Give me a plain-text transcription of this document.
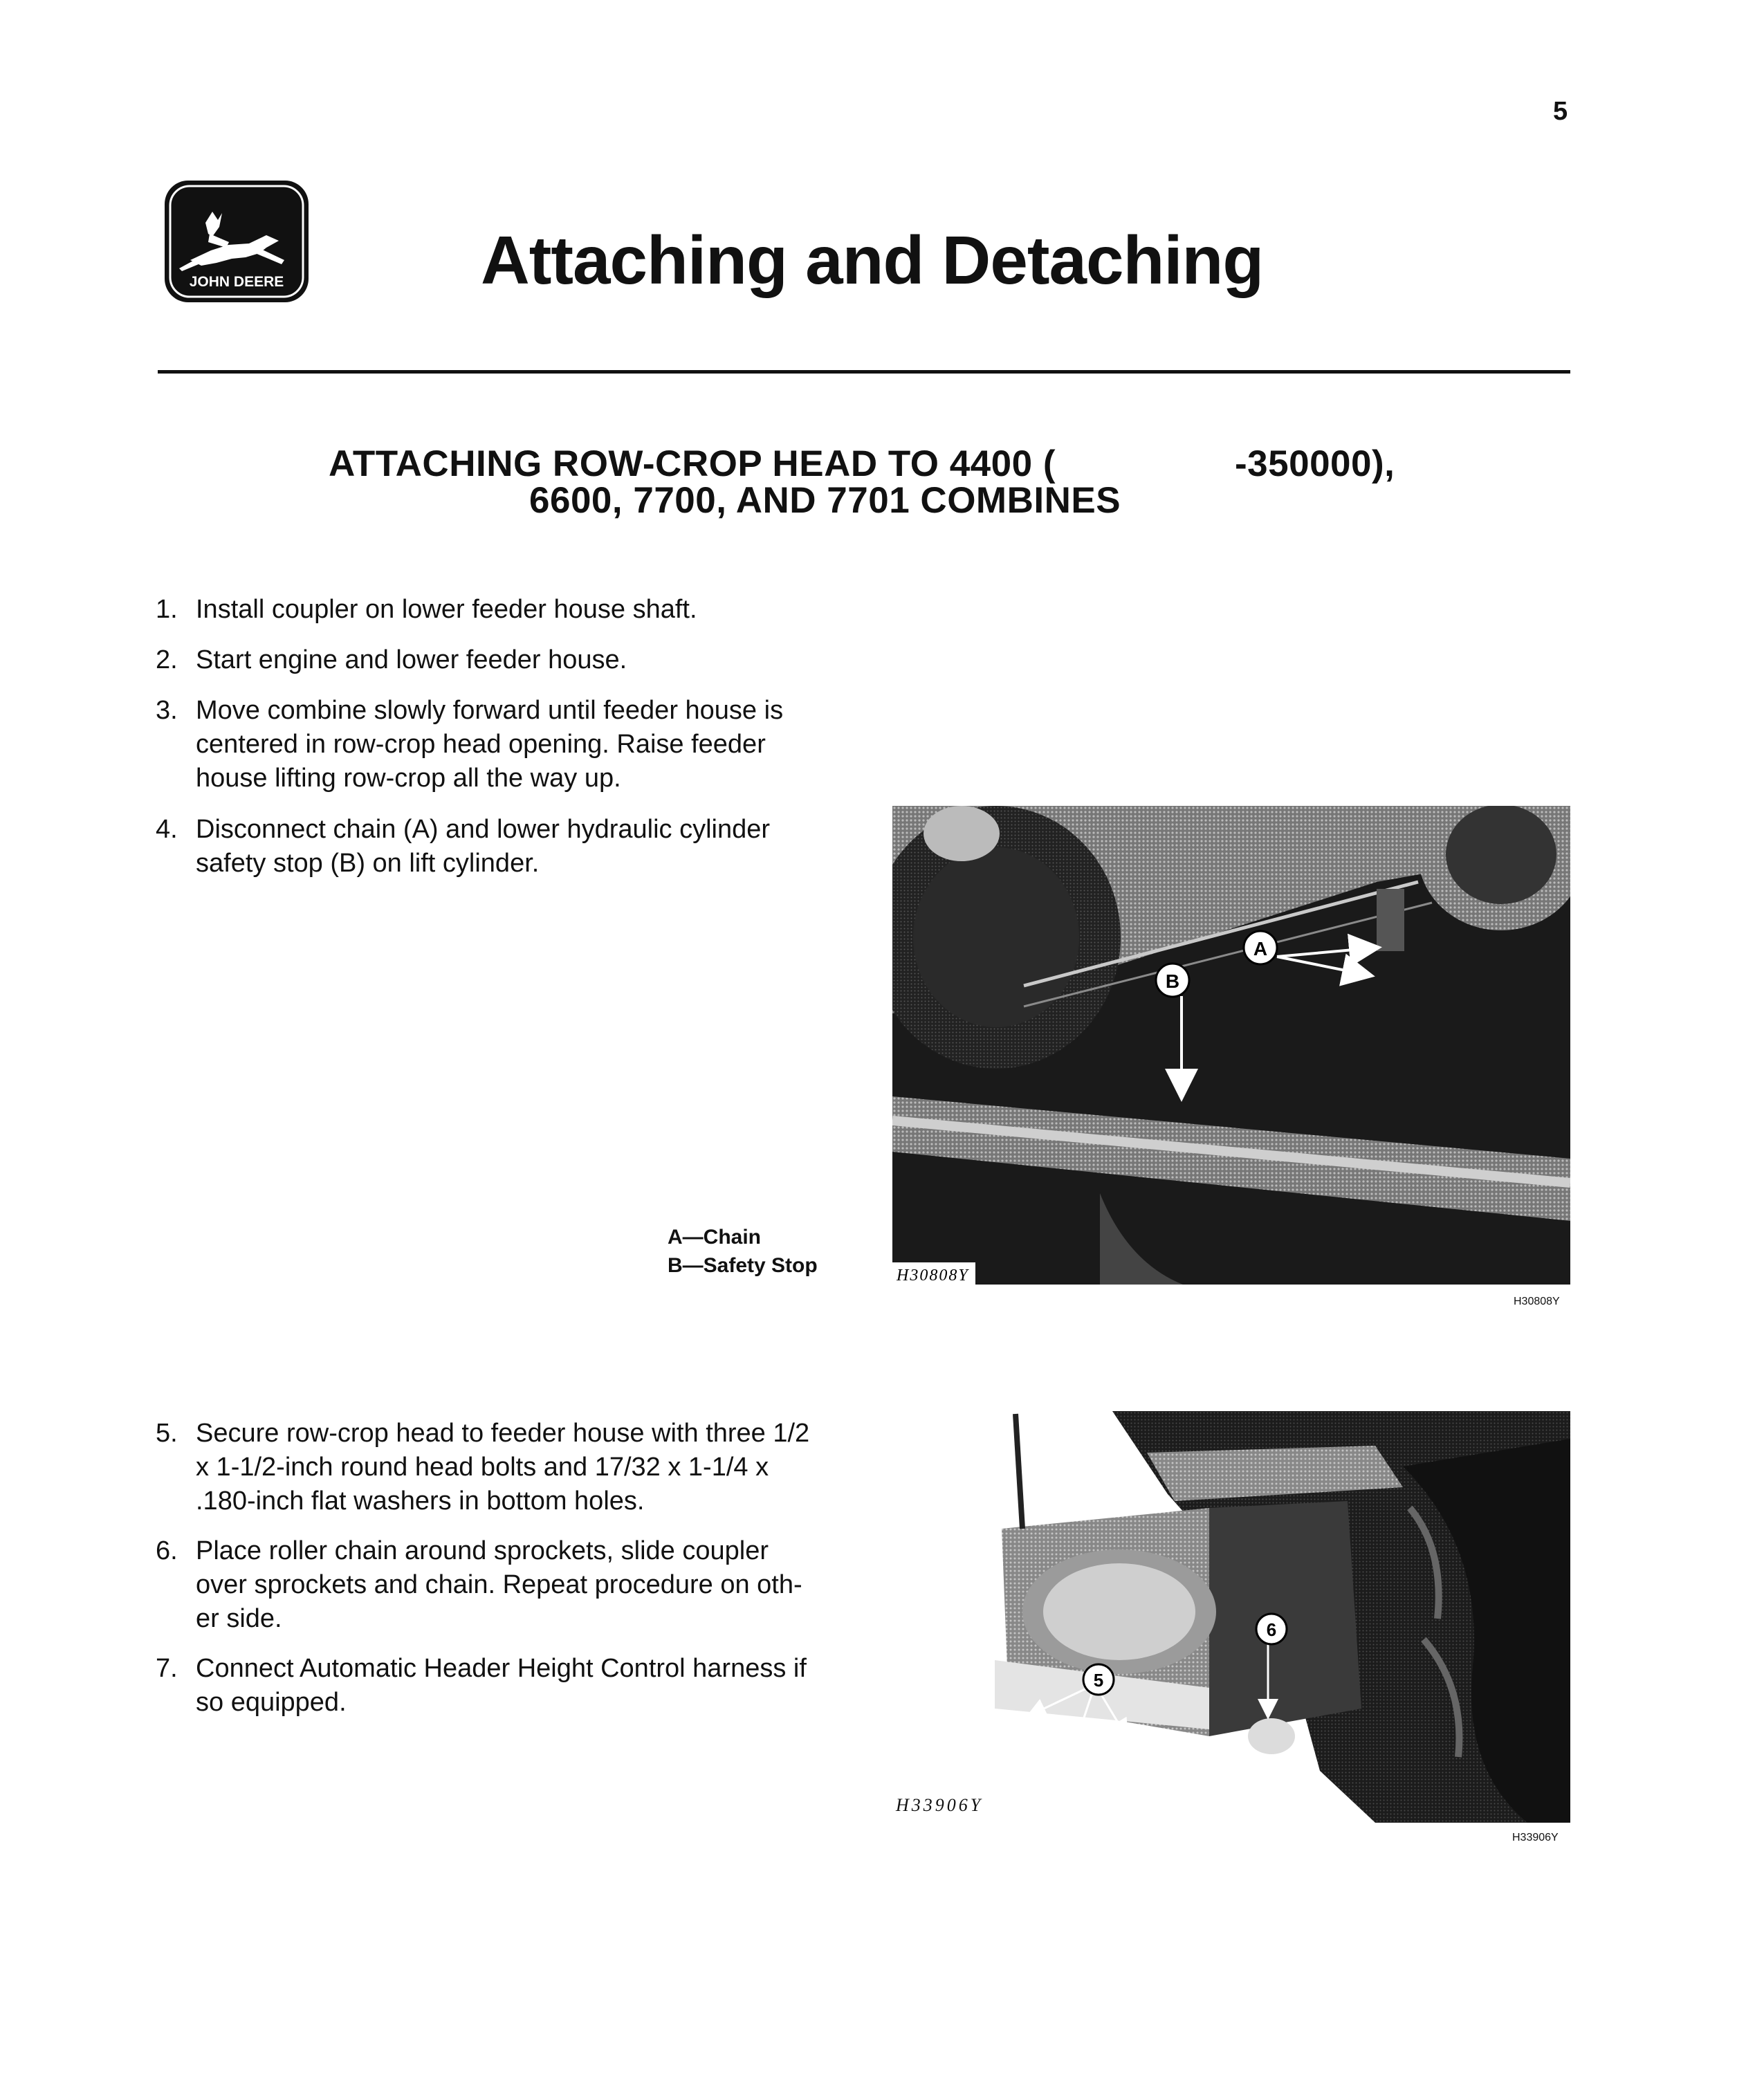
5
JOHN DEERE	Attaching and Detaching
ATTACHING ROW-CROP HEAD TO 4400 (	-350000),
6600, 7700, AND 7701 COMBINES
1. Install coupler on lower feeder house shaft.
2. Start engine and lower feeder house.
3. Move combine slowly forward until feeder house is
centered in row-crop head opening. Raise feeder
house lifting row-crop all the way up.
4. Disconnect chain (A) and lower hydraulic cylinder
safety stop (B) on lift cylinder.
A
B
H30808Y
A—Chain
B—Safety Stop
H30808Y
5. Secure row-crop head to feeder house with three 1/2
x 1-1/2-inch round head bolts and 17/32 x 1-1/4 x
.180-inch flat washers in bottom holes.
6. Place roller chain around sprockets, slide coupler
over sprockets and chain. Repeat procedure on oth-
er side.
7. Connect Automatic Header Height Control harness if
so equipped.
5
6
H33906Y
H33906Y
